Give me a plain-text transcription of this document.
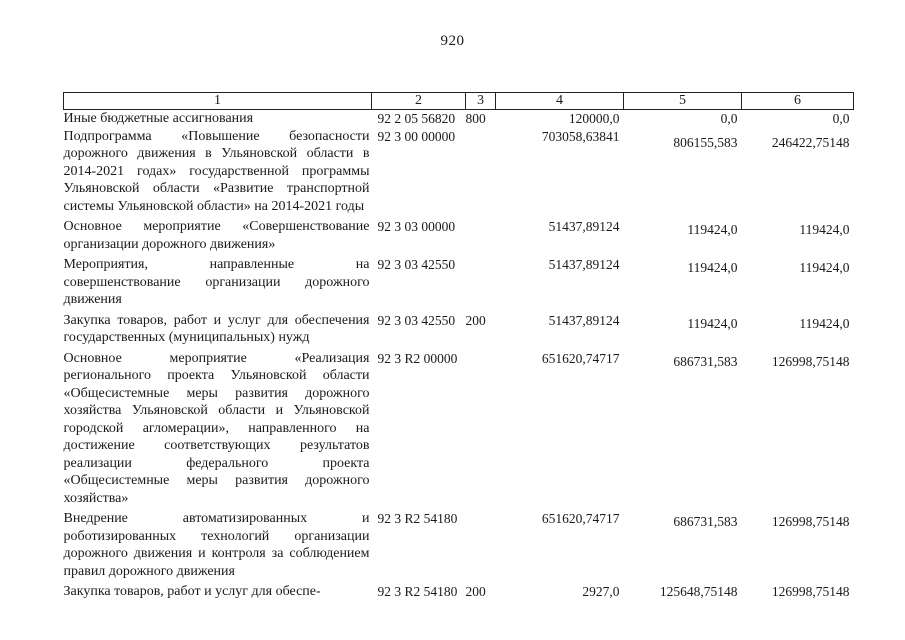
920
1	2	3	4	5	6
Иные бюджетные ассигнования	92 2 05 56820	800	120000,0	0,0	0,0
Подпрограмма «Повышение безопасности дорожного движения в Ульяновской области в 2014-2021 годах» государственной программы Ульяновской области «Развитие транспортной системы Ульяновской области» на 2014-2021 годы	92 3 00 00000		703058,63841	806155,583	246422,75148
Основное мероприятие «Совершенствование организации дорожного движения»	92 3 03 00000		51437,89124	119424,0	119424,0
Мероприятия, направленные на совершенствование организации дорожного движения	92 3 03 42550		51437,89124	119424,0	119424,0
Закупка товаров, работ и услуг для обеспечения государственных (муниципальных) нужд	92 3 03 42550	200	51437,89124	119424,0	119424,0
Основное мероприятие «Реализация регионального проекта Ульяновской области «Общесистемные меры развития дорожного хозяйства Ульяновской области и Ульяновской городской агломерации», направленного на достижение соответствующих результатов реализации федерального проекта «Общесистемные меры развития дорожного хозяйства»	92 3 R2 00000		651620,74717	686731,583	126998,75148
Внедрение автоматизированных и роботизированных технологий организации дорожного движения и контроля за соблюдением правил дорожного движения	92 3 R2 54180		651620,74717	686731,583	126998,75148
Закупка товаров, работ и услуг для обеспе-	92 3 R2 54180	200	2927,0	125648,75148	126998,75148
